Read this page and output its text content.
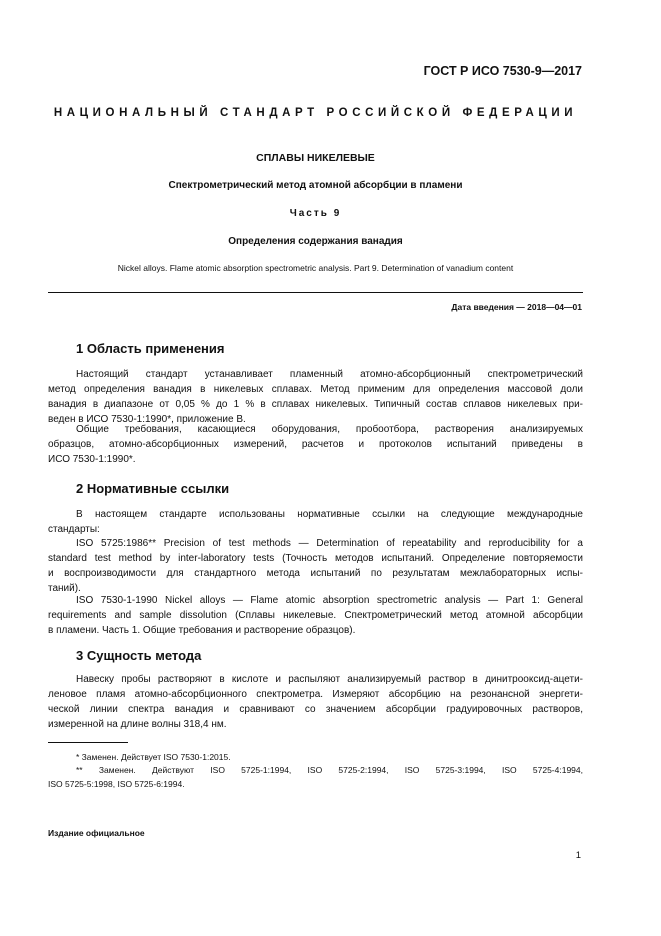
ГОСТ Р ИСО 7530-9—2017
НАЦИОНАЛЬНЫЙ СТАНДАРТ РОССИЙСКОЙ ФЕДЕРАЦИИ
СПЛАВЫ НИКЕЛЕВЫЕ
Спектрометрический метод атомной абсорбции в пламени
Часть 9
Определения содержания ванадия
Nickel alloys. Flame atomic absorption spectrometric analysis. Part 9. Determination of vanadium content
Дата введения — 2018—04—01
1 Область применения
Настоящий стандарт устанавливает пламенный атомно-абсорбционный спектрометрический
метод определения ванадия в никелевых сплавах. Метод применим для определения массовой доли
ванадия в диапазоне от 0,05 % до 1 % в сплавах никелевых. Типичный состав сплавов никелевых при-
веден в ИСО 7530-1:1990*, приложение В.
Общие требования, касающиеся оборудования, пробоотбора, растворения анализируемых
образцов, атомно-абсорбционных измерений, расчетов и протоколов испытаний приведены в
ИСО 7530-1:1990*.
2 Нормативные ссылки
В настоящем стандарте использованы нормативные ссылки на следующие международные
стандарты:
ISO 5725:1986** Precision of test methods — Determination of repeatability and reproducibility for a
standard test method by inter-laboratory tests (Точность методов испытаний. Определение повторяемости
и воспроизводимости для стандартного метода испытаний по результатам межлабораторных испы-
таний).
ISO 7530-1-1990 Nickel alloys — Flame atomic absorption spectrometric analysis — Part 1: General
requirements and sample dissolution (Сплавы никелевые. Спектрометрический метод атомной абсорбции
в пламени. Часть 1. Общие требования и растворение образцов).
3 Сущность метода
Навеску пробы растворяют в кислоте и распыляют анализируемый раствор в динитрооксид-ацети-
леновое пламя атомно-абсорбционного спектрометра. Измеряют абсорбцию на резонансной энергети-
ческой линии спектра ванадия и сравнивают со значением абсорбции градуировочных растворов,
измеренной на длине волны 318,4 нм.
* Заменен. Действует ISO 7530-1:2015.
** Заменен. Действуют ISO 5725-1:1994, ISO 5725-2:1994, ISO 5725-3:1994, ISO 5725-4:1994,
ISO 5725-5:1998, ISO 5725-6:1994.
Издание официальное
1
